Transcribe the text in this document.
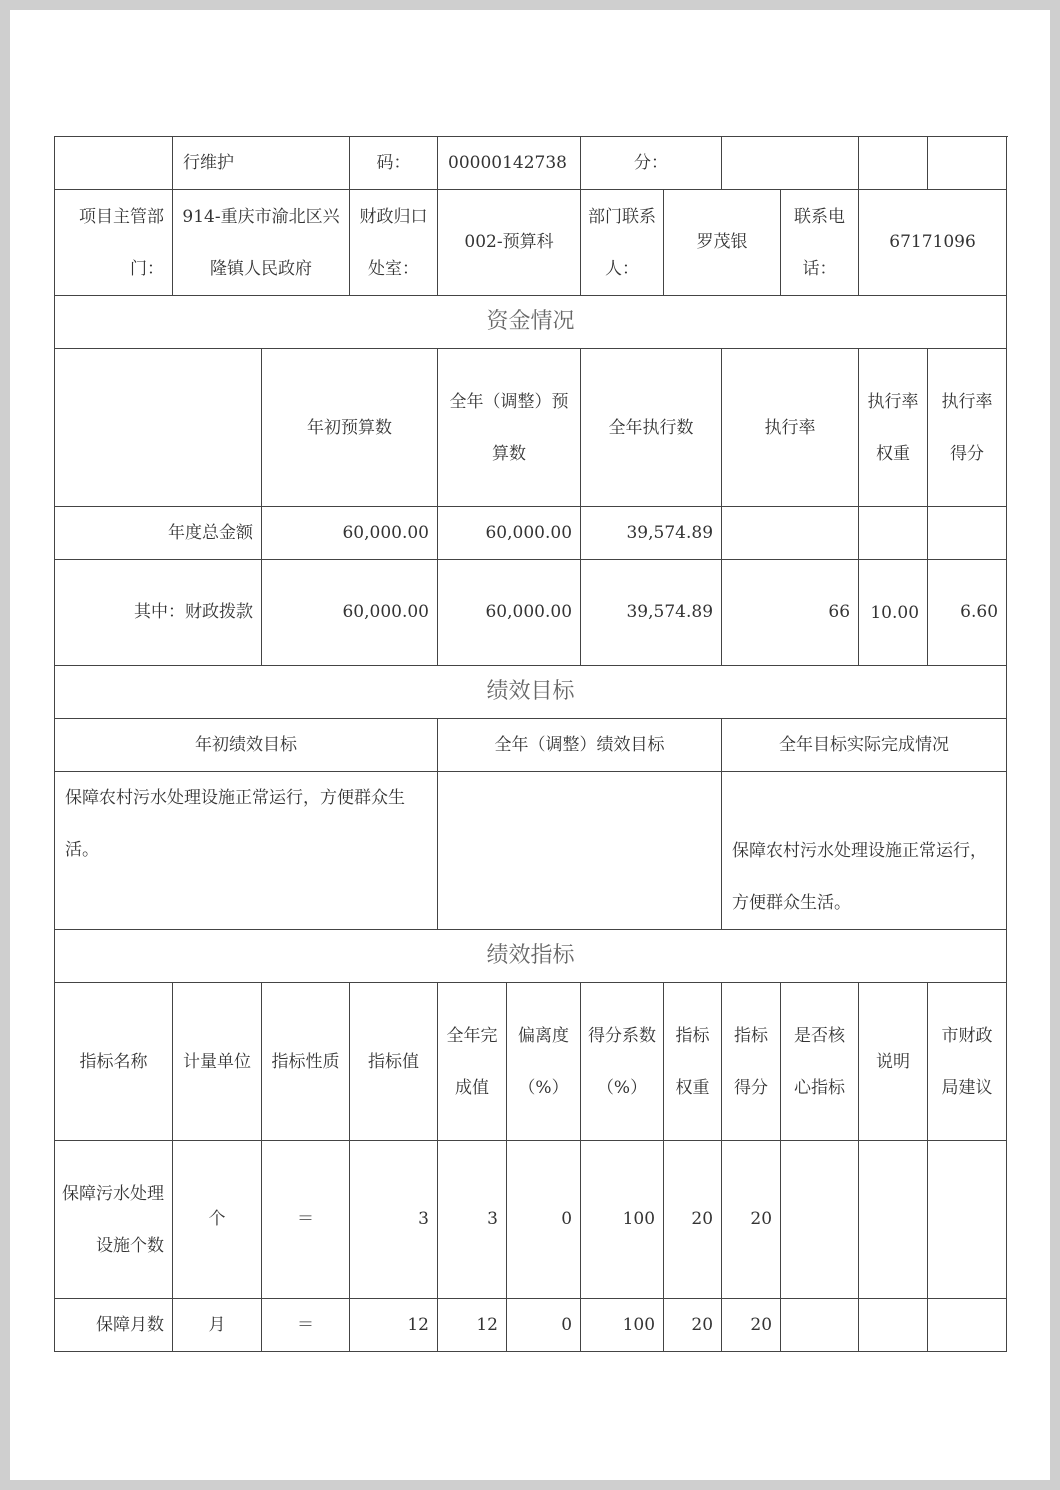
	行维护		码：	00000142738		分：					
项目主管部门：	914-重庆市渝北区兴隆镇人民政府		财政归口处室：	002-预算科		部门联系人：	罗茂银		联系电话：	67171096	
资金情况											
		年初预算数		全年（调整）预算数		全年执行数		执行率		执行率权重	执行率得分
年度总金额		60,000.00		60,000.00		39,574.89					
其中：财政拨款		60,000.00		60,000.00		39,574.89		66		10.00	6.60
绩效目标											
年初绩效目标				全年（调整）绩效目标				全年目标实际完成情况			
保障农村污水处理设施正常运行，方便群众生活。								保障农村污水处理设施正常运行，方便群众生活。			
绩效指标											
指标名称	计量单位	指标性质	指标值	全年完成值	偏离度（%）	得分系数（%）	指标权重	指标得分	是否核心指标	说明	市财政局建议
保障污水处理设施个数	个	＝	3	3	0	100	20	20			
保障月数	月	＝	12	12	0	100	20	20			
